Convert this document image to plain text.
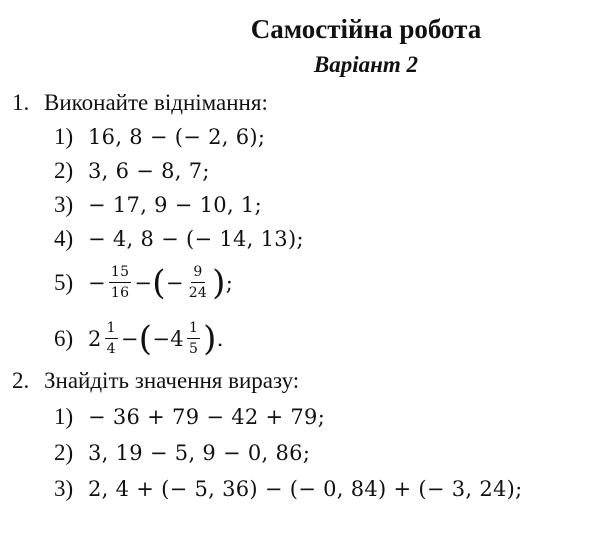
Самостійна робота
Варіант 2
1. Виконайте віднімання:
1) 16, 8 − (− 2, 6);
2) 3, 6 − 8, 7;
3) − 17, 9 − 10, 1;
4) − 4, 8 − (− 14, 13);
$5) - \frac{15}{16}$ − ( − $\frac{9}{24}$ ) ;
6) $2 \frac{1}{4}$ − ( − $4 \frac{1}{5}$ ) .
2. Знайдіть значення виразу:
1) − 36 + 79 − 42 + 79;
2) 3, 19 − 5, 9 − 0, 86;
3) 2, 4 + (− 5, 36) − (− 0, 84) + (− 3, 24);
